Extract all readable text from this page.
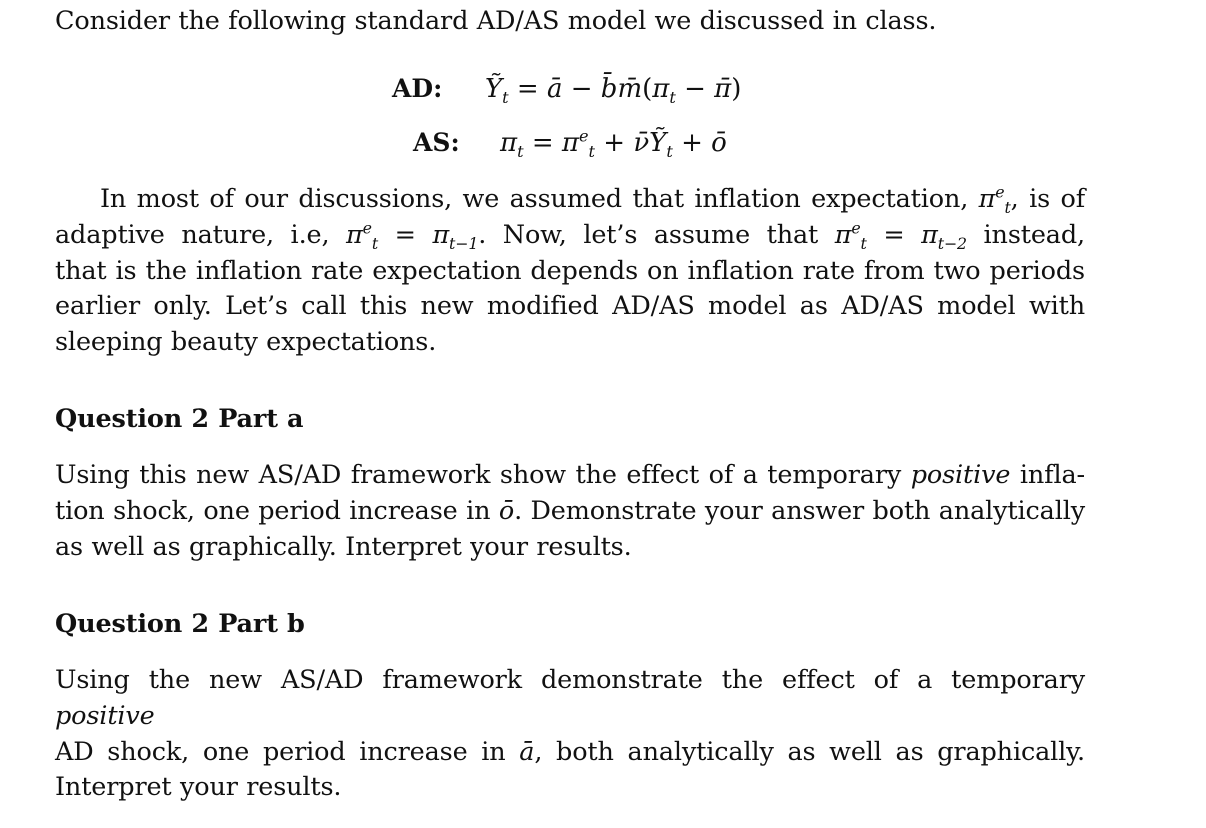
Consider the following standard AD/AS model we discussed in class.

AD: Ỹ$_t$ = ā − $b̄m̄(\pi_t$ − π̄)
AS: $\pi_t = \pi^e_t$ + ν̄Ỹ$_t$ + ō

In most of our discussions, we assumed that inflation expectation, $\pi^e_t$, is of
adaptive nature, i.e, $\pi^e_t = \pi_{t-1}$. Now, let’s assume that $\pi^e_t = \pi_{t-2}$ instead,
that is the inflation rate expectation depends on inflation rate from two periods
earlier only. Let’s call this new modified AD/AS model as AD/AS model with
sleeping beauty expectations.

Question 2 Part a

Using this new AS/AD framework show the effect of a temporary positive infla-
tion shock, one period increase in ō. Demonstrate your answer both analytically
as well as graphically. Interpret your results.

Question 2 Part b

Using the new AS/AD framework demonstrate the effect of a temporary positive
AD shock, one period increase in ā, both analytically as well as graphically.
Interpret your results.
